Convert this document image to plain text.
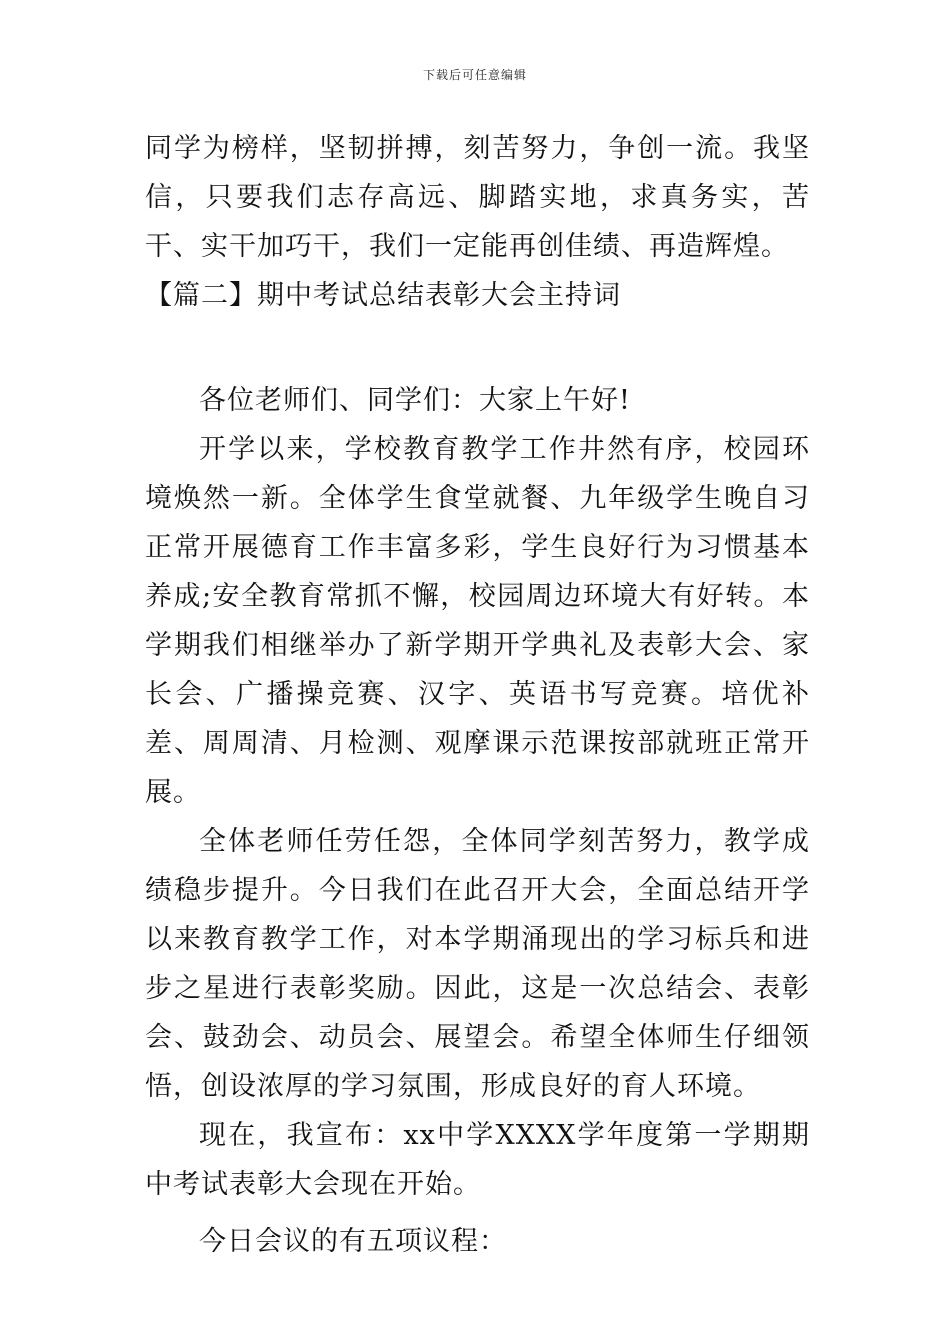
下载后可任意编辑

同学为榜样，坚韧拼搏，刻苦努力，争创一流。我坚信，只要我们志存高远、脚踏实地，求真务实，苦干、实干加巧干，我们一定能再创佳绩、再造辉煌。

【篇二】期中考试总结表彰大会主持词

各位老师们、同学们：大家上午好!

开学以来，学校教育教学工作井然有序，校园环境焕然一新。全体学生食堂就餐、九年级学生晚自习正常开展德育工作丰富多彩，学生良好行为习惯基本养成;安全教育常抓不懈，校园周边环境大有好转。本学期我们相继举办了新学期开学典礼及表彰大会、家长会、广播操竞赛、汉字、英语书写竞赛。培优补差、周周清、月检测、观摩课示范课按部就班正常开展。

全体老师任劳任怨，全体同学刻苦努力，教学成绩稳步提升。今日我们在此召开大会，全面总结开学以来教育教学工作，对本学期涌现出的学习标兵和进步之星进行表彰奖励。因此，这是一次总结会、表彰会、鼓劲会、动员会、展望会。希望全体师生仔细领悟，创设浓厚的学习氛围，形成良好的育人环境。

现在，我宣布：xx中学XXXX学年度第一学期期中考试表彰大会现在开始。

今日会议的有五项议程：
